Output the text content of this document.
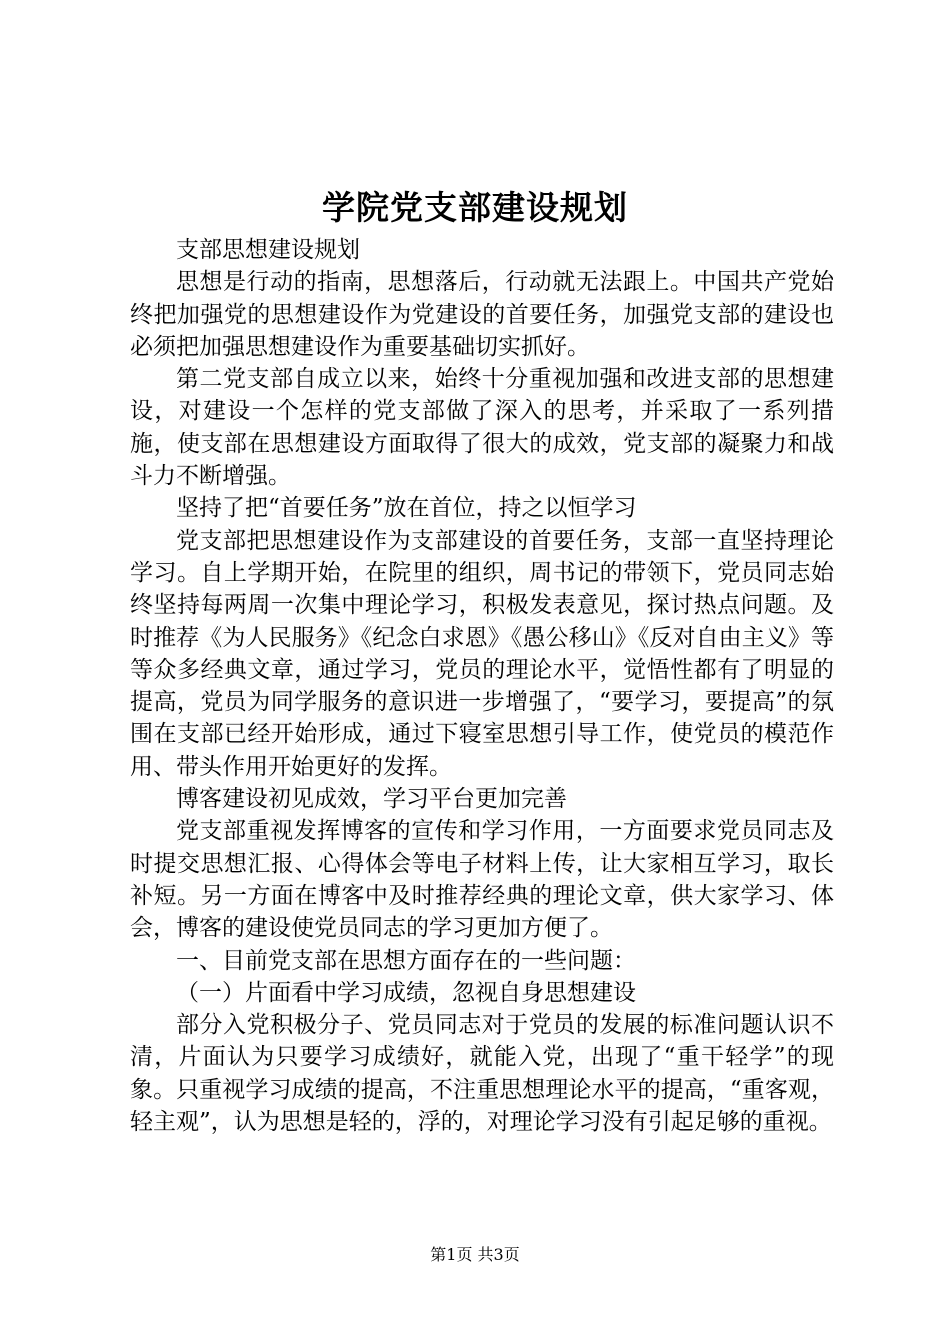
学院党支部建设规划

支部思想建设规划

思想是行动的指南，思想落后，行动就无法跟上。中国共产党始终把加强党的思想建设作为党建设的首要任务，加强党支部的建设也必须把加强思想建设作为重要基础切实抓好。

第二党支部自成立以来，始终十分重视加强和改进支部的思想建设，对建设一个怎样的党支部做了深入的思考，并采取了一系列措施，使支部在思想建设方面取得了很大的成效，党支部的凝聚力和战斗力不断增强。

坚持了把“首要任务”放在首位，持之以恒学习

党支部把思想建设作为支部建设的首要任务，支部一直坚持理论学习。自上学期开始，在院里的组织，周书记的带领下，党员同志始终坚持每两周一次集中理论学习，积极发表意见，探讨热点问题。及时推荐《为人民服务》《纪念白求恩》《愚公移山》《反对自由主义》等等众多经典文章，通过学习，党员的理论水平，觉悟性都有了明显的提高，党员为同学服务的意识进一步增强了，“要学习，要提高”的氛围在支部已经开始形成，通过下寝室思想引导工作，使党员的模范作用、带头作用开始更好的发挥。

博客建设初见成效，学习平台更加完善

党支部重视发挥博客的宣传和学习作用，一方面要求党员同志及时提交思想汇报、心得体会等电子材料上传，让大家相互学习，取长补短。另一方面在博客中及时推荐经典的理论文章，供大家学习、体会，博客的建设使党员同志的学习更加方便了。

一、目前党支部在思想方面存在的一些问题：

（一）片面看中学习成绩，忽视自身思想建设

部分入党积极分子、党员同志对于党员的发展的标准问题认识不清，片面认为只要学习成绩好，就能入党，出现了“重干轻学”的现象。只重视学习成绩的提高，不注重思想理论水平的提高，“重客观，轻主观”，认为思想是轻的，浮的，对理论学习没有引起足够的重视。

第1页 共3页
